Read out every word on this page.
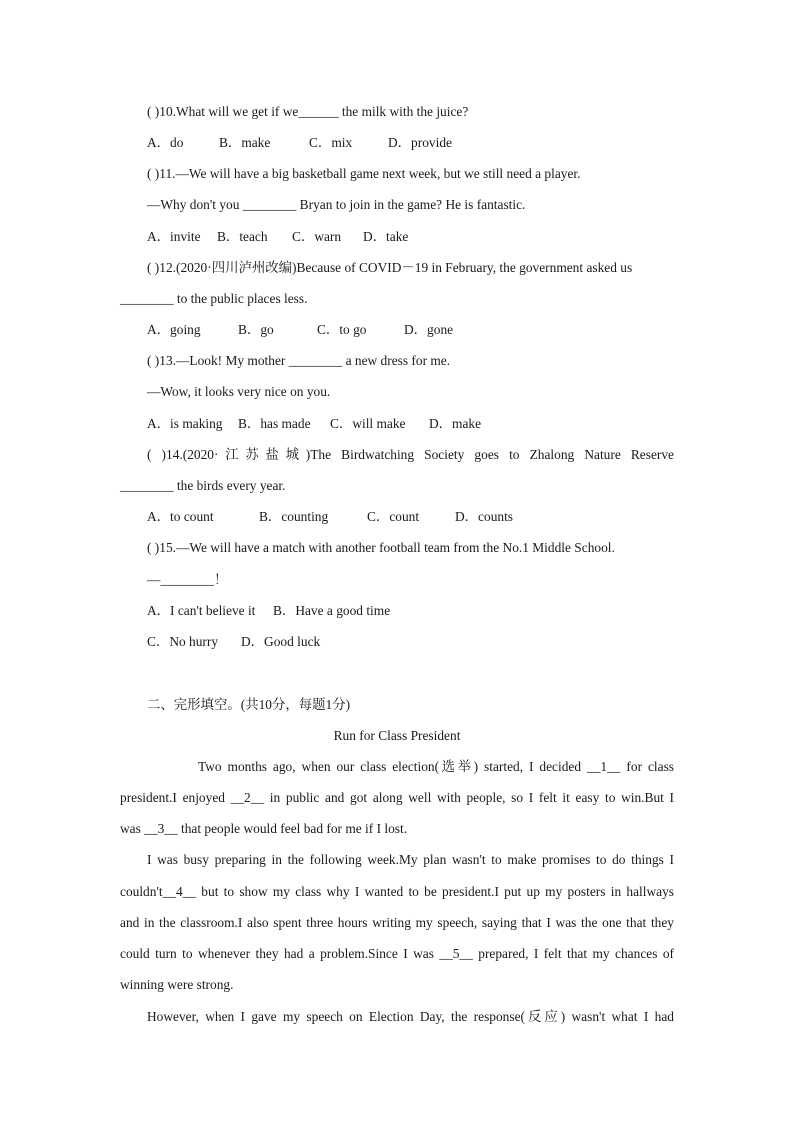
( )10.What will we get if we______ the milk with the juice?
A．do	B．make	C．mix	D．provide
( )11.—We will have a big basketball game next week, but we still need a player.
—Why don't you ________ Bryan to join in the game? He is fantastic.
A．invite B．teach C．warn D．take
( )12.(2020·四川泸州改编)Because of COVID－19 in February, the government asked us
________ to the public places less.
A．going	B．go	C．to go	D．gone
( )13.—Look! My mother ________ a new dress for me.
—Wow, it looks very nice on you.
A．is making B．has made C．will make D．make
( )14.(2020·江苏盐城)The Birdwatching Society goes to Zhalong Nature Reserve
________ the birds every year.
A．to count	B．counting	C．count	D．counts
( )15.—We will have a match with another football team from the No.1 Middle School.
—________！
A．I can't believe it B．Have a good time
C．No hurry D．Good luck
二、完形填空。(共10分，每题1分)
Run for Class President
Two months ago, when our class election(选举) started, I decided __1__ for class
president.I enjoyed __2__ in public and got along well with people, so I felt it easy to win.But I
was __3__ that people would feel bad for me if I lost.
I was busy preparing in the following week.My plan wasn't to make promises to do things I
couldn't__4__ but to show my class why I wanted to be president.I put up my posters in hallways
and in the classroom.I also spent three hours writing my speech, saying that I was the one that they
could turn to whenever they had a problem.Since I was __5__ prepared, I felt that my chances of
winning were strong.
However, when I gave my speech on Election Day, the response(反应) wasn't what I had
